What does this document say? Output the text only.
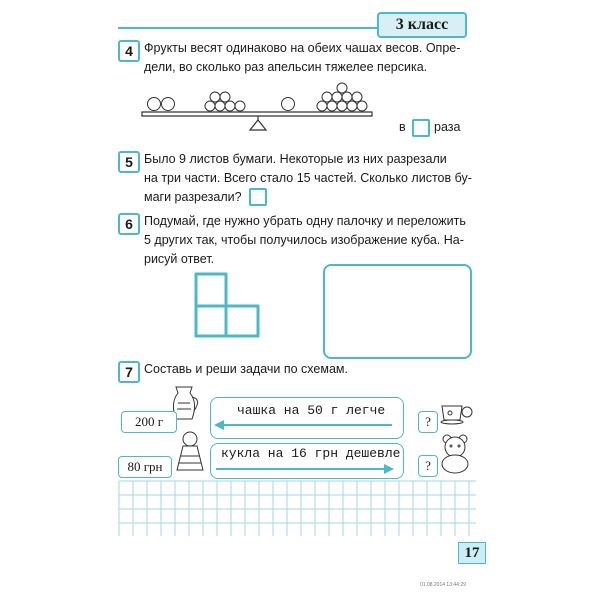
3 класс
4 Фрукты весят одинаково на обеих чашах весов. Опре-
дели, во сколько раз апельсин тяжелее персика.
в раза
5 Было 9 листов бумаги. Некоторые из них разрезали
на три части. Всего стало 15 частей. Сколько листов бу-
маги разрезали?
6 Подумай, где нужно убрать одну палочку и переложить
5 других так, чтобы получилось изображение куба. На-
рисуй ответ.
7 Составь и реши задачи по схемам.
200 г
чашка на 50 г легче
?
80 грн
кукла на 16 грн дешевле
?
17
01.08.2014 13:44:29
